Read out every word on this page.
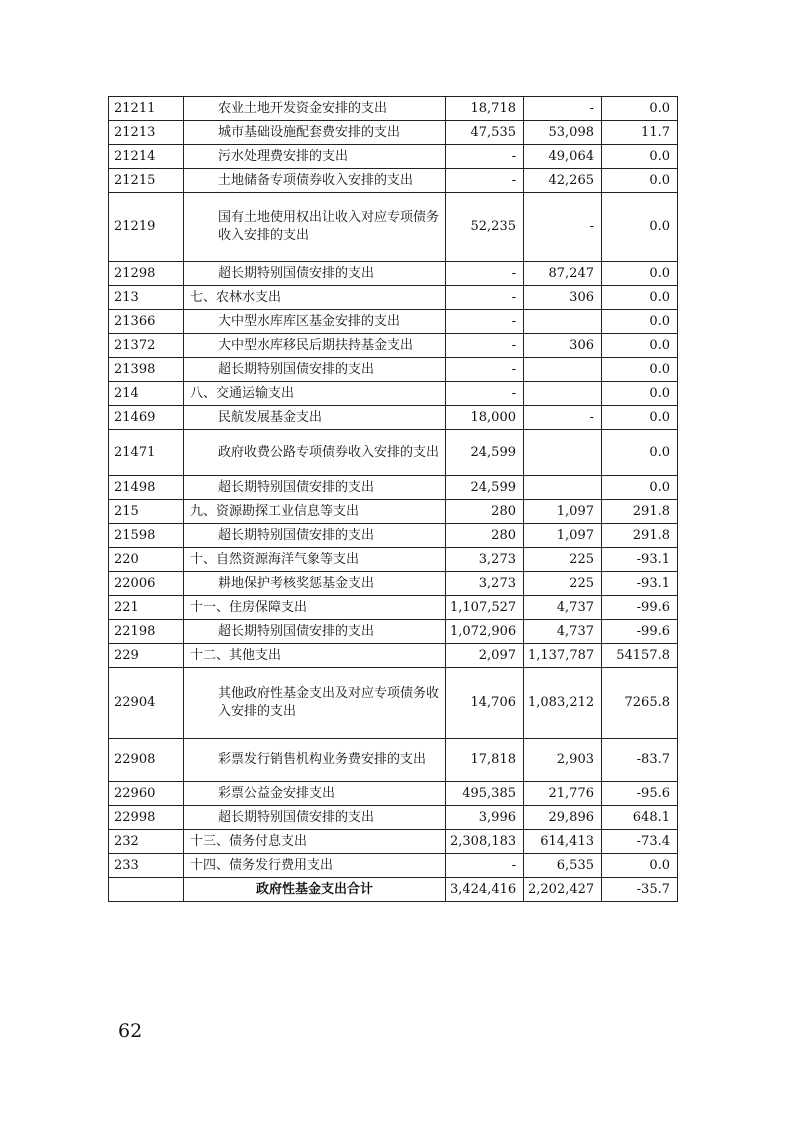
21211	农业土地开发资金安排的支出	18,718	-	0.0
21213	城市基础设施配套费安排的支出	47,535	53,098	11.7
21214	污水处理费安排的支出	-	49,064	0.0
21215	土地储备专项债券收入安排的支出	-	42,265	0.0
21219	国有土地使用权出让收入对应专项债务收入安排的支出	52,235	-	0.0
21298	超长期特别国债安排的支出	-	87,247	0.0
213	七、农林水支出	-	306	0.0
21366	大中型水库库区基金安排的支出	-		0.0
21372	大中型水库移民后期扶持基金支出	-	306	0.0
21398	超长期特别国债安排的支出	-		0.0
214	八、交通运输支出	-		0.0
21469	民航发展基金支出	18,000	-	0.0
21471	政府收费公路专项债券收入安排的支出	24,599		0.0
21498	超长期特别国债安排的支出	24,599		0.0
215	九、资源勘探工业信息等支出	280	1,097	291.8
21598	超长期特别国债安排的支出	280	1,097	291.8
220	十、自然资源海洋气象等支出	3,273	225	-93.1
22006	耕地保护考核奖惩基金支出	3,273	225	-93.1
221	十一、住房保障支出	1,107,527	4,737	-99.6
22198	超长期特别国债安排的支出	1,072,906	4,737	-99.6
229	十二、其他支出	2,097	1,137,787	54157.8
22904	其他政府性基金支出及对应专项债务收入安排的支出	14,706	1,083,212	7265.8
22908	彩票发行销售机构业务费安排的支出	17,818	2,903	-83.7
22960	彩票公益金安排支出	495,385	21,776	-95.6
22998	超长期特别国债安排的支出	3,996	29,896	648.1
232	十三、债务付息支出	2,308,183	614,413	-73.4
233	十四、债务发行费用支出	-	6,535	0.0
	政府性基金支出合计	3,424,416	2,202,427	-35.7
62
